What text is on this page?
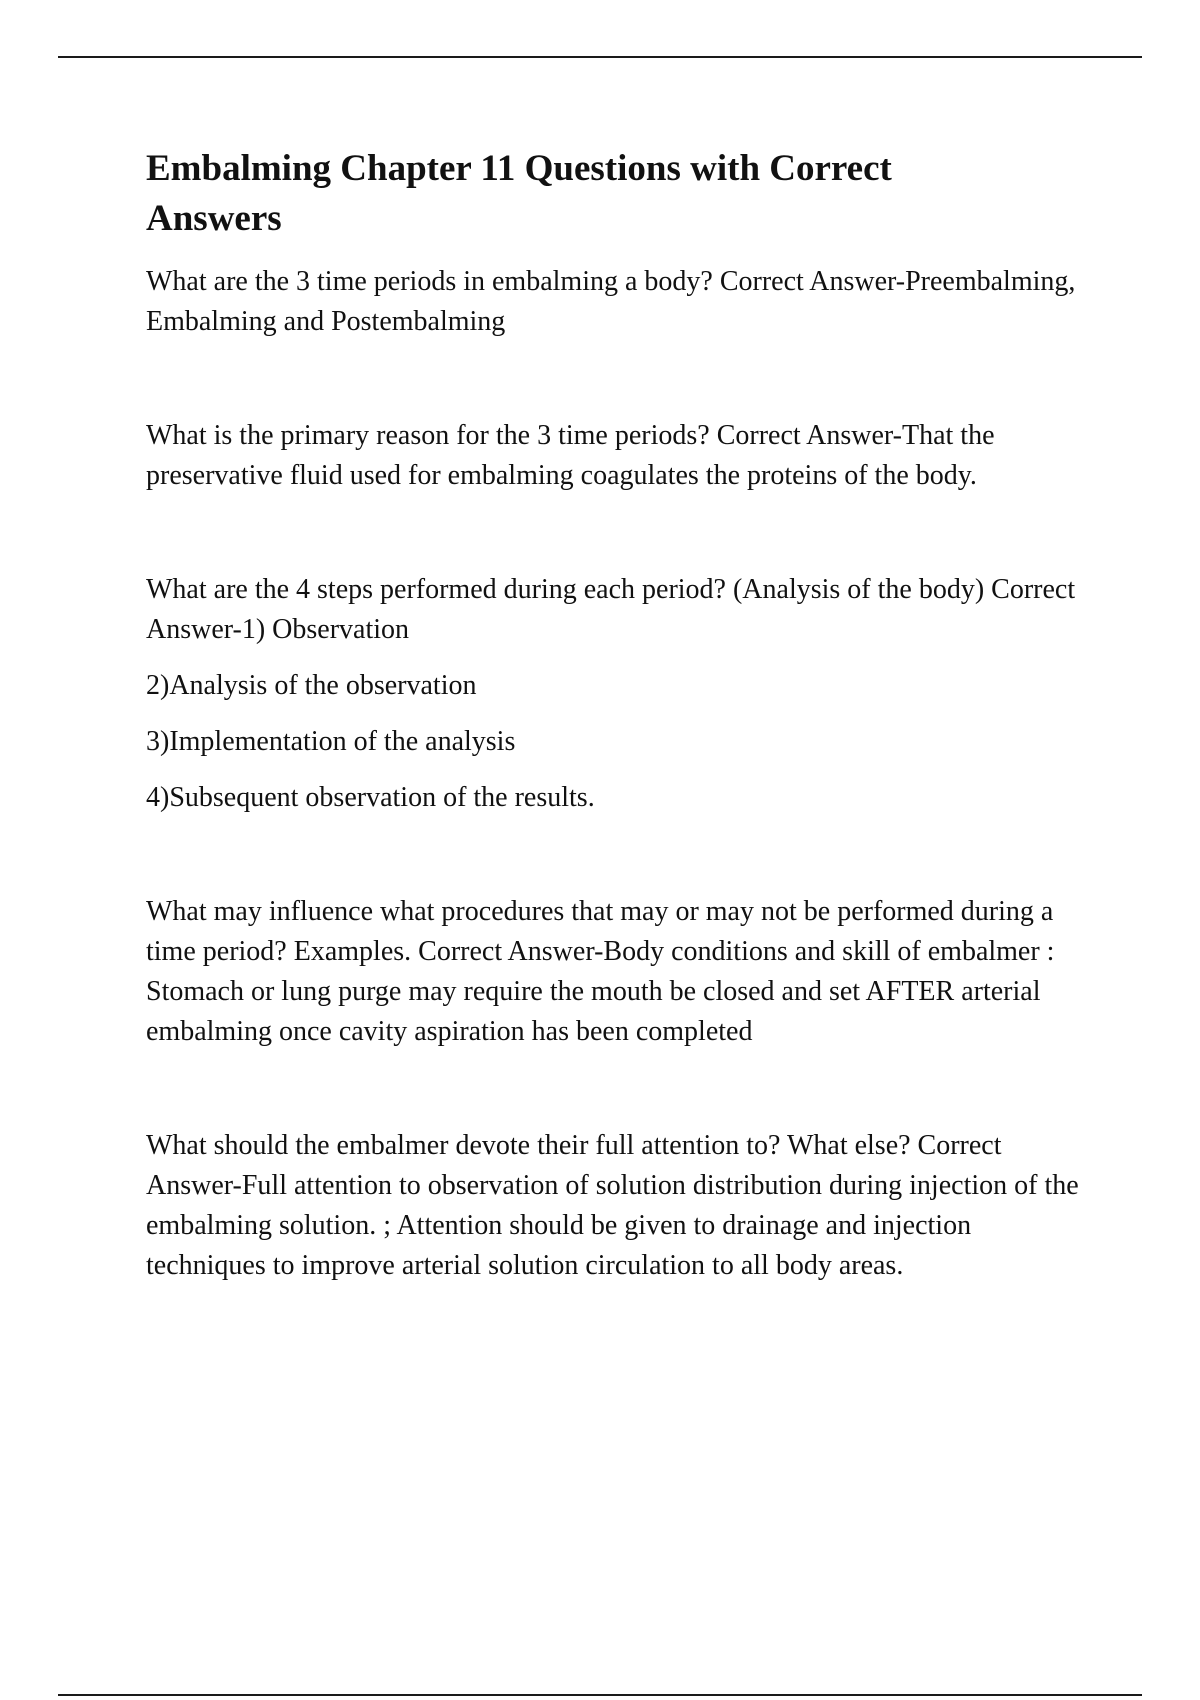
Embalming Chapter 11 Questions with Correct Answers

What are the 3 time periods in embalming a body? Correct Answer-Preembalming, Embalming and Postembalming

What is the primary reason for the 3 time periods? Correct Answer-That the preservative fluid used for embalming coagulates the proteins of the body.

What are the 4 steps performed during each period? (Analysis of the body) Correct Answer-1) Observation

2)Analysis of the observation

3)Implementation of the analysis

4)Subsequent observation of the results.

What may influence what procedures that may or may not be performed during a time period? Examples. Correct Answer-Body conditions and skill of embalmer : Stomach or lung purge may require the mouth be closed and set AFTER arterial embalming once cavity aspiration has been completed

What should the embalmer devote their full attention to? What else? Correct Answer-Full attention to observation of solution distribution during injection of the embalming solution. ; Attention should be given to drainage and injection techniques to improve arterial solution circulation to all body areas.
